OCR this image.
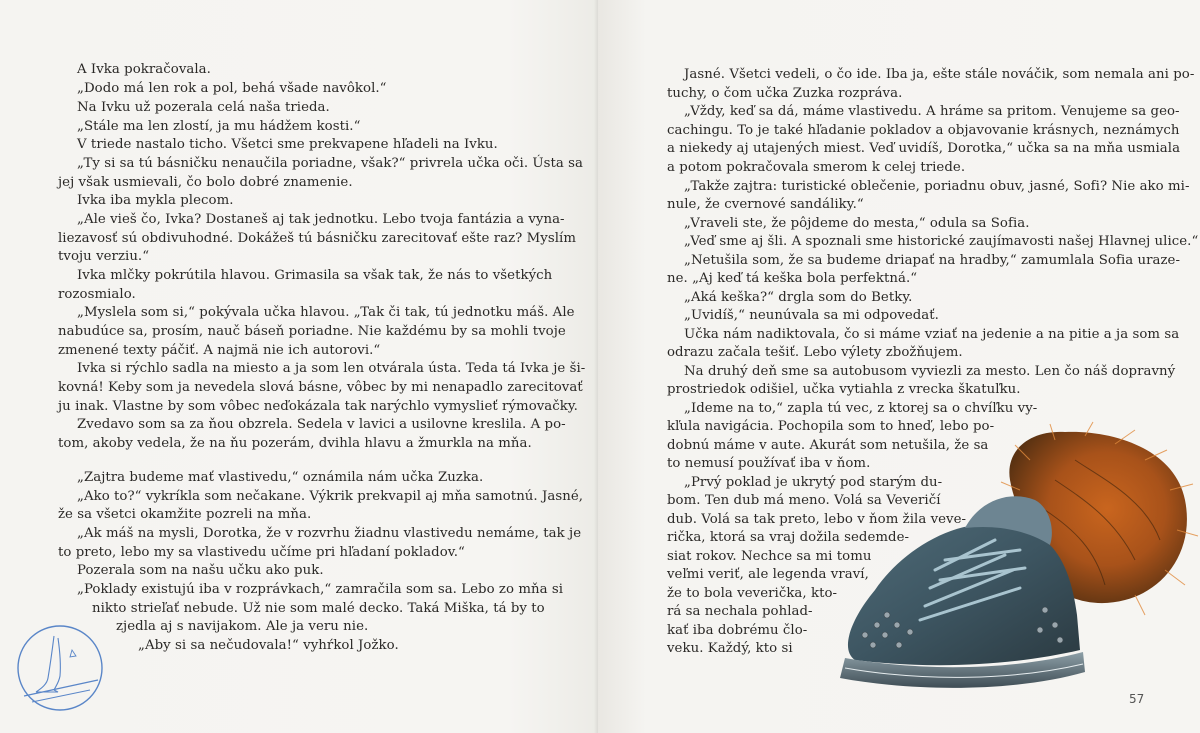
A Ivka pokračovala.

„Dodo má len rok a pol, behá všade navôkol.“

Na Ivku už pozerala celá naša trieda.

„Stále ma len zlostí, ja mu hádžem kosti.“

V triede nastalo ticho. Všetci sme prekvapene hľadeli na Ivku.

„Ty si sa tú básničku nenaučila poriadne, však?“ privrela učka oči. Ústa sa

jej však usmievali, čo bolo dobré znamenie.

Ivka iba mykla plecom.

„Ale vieš čo, Ivka? Dostaneš aj tak jednotku. Lebo tvoja fantázia a vyna-

liezavosť sú obdivuhodné. Dokážeš tú básničku zarecitovať ešte raz? Myslím

tvoju verziu.“

Ivka mlčky pokrútila hlavou. Grimasila sa však tak, že nás to všetkých

rozosmialo.

„Myslela som si,“ pokývala učka hlavou. „Tak či tak, tú jednotku máš. Ale

nabudúce sa, prosím, nauč báseň poriadne. Nie každému by sa mohli tvoje

zmenené texty páčiť. A najmä nie ich autorovi.“

Ivka si rýchlo sadla na miesto a ja som len otvárala ústa. Teda tá Ivka je ši-

kovná! Keby som ja nevedela slová básne, vôbec by mi nenapadlo zarecitovať

ju inak. Vlastne by som vôbec neďokázala tak narýchlo vymyslieť rýmovačky.

Zvedavo som sa za ňou obzrela. Sedela v lavici a usilovne kreslila. A po-

tom, akoby vedela, že na ňu pozerám, dvihla hlavu a žmurkla na mňa.

„Zajtra budeme mať vlastivedu,“ oznámila nám učka Zuzka.

„Ako to?“ vykríkla som nečakane. Výkrik prekvapil aj mňa samotnú. Jasné,

že sa všetci okamžite pozreli na mňa.

„Ak máš na mysli, Dorotka, že v rozvrhu žiadnu vlastivedu nemáme, tak je

to preto, lebo my sa vlastivedu učíme pri hľadaní pokladov.“

Pozerala som na našu učku ako puk.

„Poklady existujú iba v rozprávkach,“ zamračila som sa. Lebo zo mňa si

nikto strieľať nebude. Už nie som malé decko. Taká Miška, tá by to

zjedla aj s navijakom. Ale ja veru nie.

„Aby si sa nečudovala!“ vyhŕkol Jožko.

Jasné. Všetci vedeli, o čo ide. Iba ja, ešte stále nováčik, som nemala ani po-

tuchy, o čom učka Zuzka rozpráva.

„Vždy, keď sa dá, máme vlastivedu. A hráme sa pritom. Venujeme sa geo-

cachingu. To je také hľadanie pokladov a objavovanie krásnych, neznámych

a niekedy aj utajených miest. Veď uvidíš, Dorotka,“ učka sa na mňa usmiala

a potom pokračovala smerom k celej triede.

„Takže zajtra: turistické oblečenie, poriadnu obuv, jasné, Sofi? Nie ako mi-

nule, že cvernové sandáliky.“

„Vraveli ste, že pôjdeme do mesta,“ odula sa Sofia.

„Veď sme aj šli. A spoznali sme historické zaujímavosti našej Hlavnej ulice.“

„Netušila som, že sa budeme driapať na hradby,“ zamumlala Sofia uraze-

ne. „Aj keď tá keška bola perfektná.“

„Aká keška?“ drgla som do Betky.

„Uvidíš,“ neunúvala sa mi odpovedať.

Učka nám nadiktovala, čo si máme vziať na jedenie a na pitie a ja som sa

odrazu začala tešiť. Lebo výlety zbožňujem.

Na druhý deň sme sa autobusom vyviezli za mesto. Len čo náš dopravný

prostriedok odišiel, učka vytiahla z vrecka škatuľku.

„Ideme na to,“ zapla tú vec, z ktorej sa o chvíľku vy-

kľula navigácia. Pochopila som to hneď, lebo po-

dobnú máme v aute. Akurát som netušila, že sa

to nemusí používať iba v ňom.

„Prvý poklad je ukrytý pod starým du-

bom. Ten dub má meno. Volá sa Veveričí

dub. Volá sa tak preto, lebo v ňom žila veve-

rička, ktorá sa vraj dožila sedemde-

siat rokov. Nechce sa mi tomu

veľmi veriť, ale legenda vraví,

že to bola veverička, kto-

rá sa nechala pohlad-

kať iba dobrému člo-

veku. Každý, kto si

57
